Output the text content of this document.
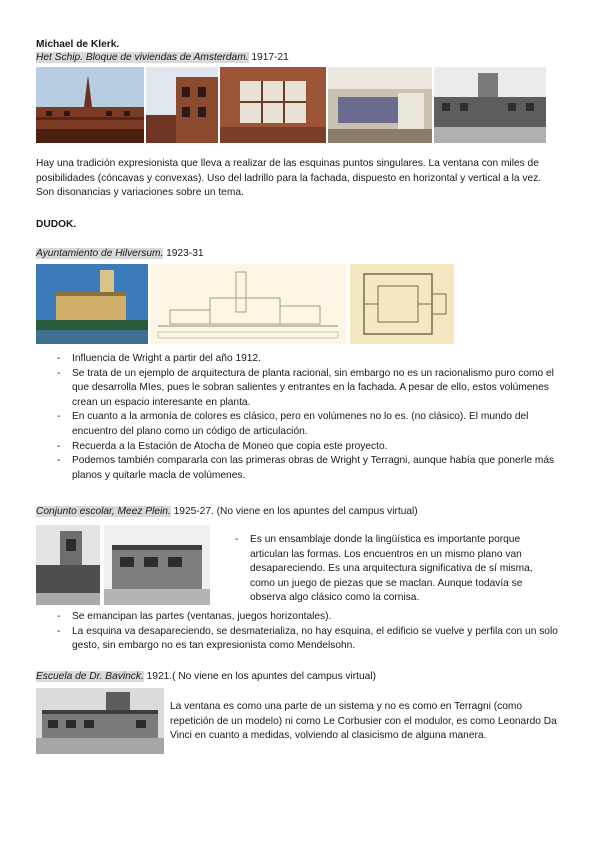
Michael de Klerk.
Het Schip. Bloque de viviendas de Amsterdam. 1917-21
Hay una tradición expresionista que lleva a realizar de las esquinas puntos singulares. La ventana con miles de posibilidades (cóncavas y convexas). Uso del ladrillo para la fachada, dispuesto en horizontal y vertical a la vez. Son disonancias y variaciones sobre un tema.
DUDOK.
Ayuntamiento de Hilversum. 1923-31
- Influencia de Wright a partir del año 1912.
- Se trata de un ejemplo de arquitectura de planta racional, sin embargo no es un racionalismo puro como el que desarrolla MIes, pues le sobran salientes y entrantes en la fachada. A pesar de ello, estos volúmenes crean un espacio interesante en planta.
- En cuanto a la armonía de colores es clásico, pero en volúmenes no lo es. (no clásico). El mundo del encuentro del plano como un código de articulación.
- Recuerda a la Estación de Atocha de Moneo que copia este proyecto.
- Podemos también compararla con las primeras obras de Wright y Terragni, aunque había que ponerle más planos y quitarle macla de volúmenes.
Conjunto escolar, Meez Plein. 1925-27. (No viene en los apuntes del campus virtual)
- Es un ensamblaje donde la lingüística es importante porque articulan las formas. Los encuentros en un mismo plano van desapareciendo. Es una arquitectura significativa de sí misma, como un juego de piezas que se maclan. Aunque todavía se observa algo clásico como la cornisa.
- Se emancipan las partes (ventanas, juegos horizontales).
- La esquina va desapareciendo, se desmaterializa, no hay esquina, el edificio se vuelve y perfila con un solo gesto, sin embargo no es tan expresionista como Mendelsohn.
Escuela de Dr. Bavinck. 1921.( No viene en los apuntes del campus virtual)
La ventana es como una parte de un sistema y no es como en Terragni (como repetición de un modelo) ni como Le Corbusier con el modulor, es como Leonardo Da Vinci en cuanto a medidas, volviendo al clasicismo de alguna manera.
